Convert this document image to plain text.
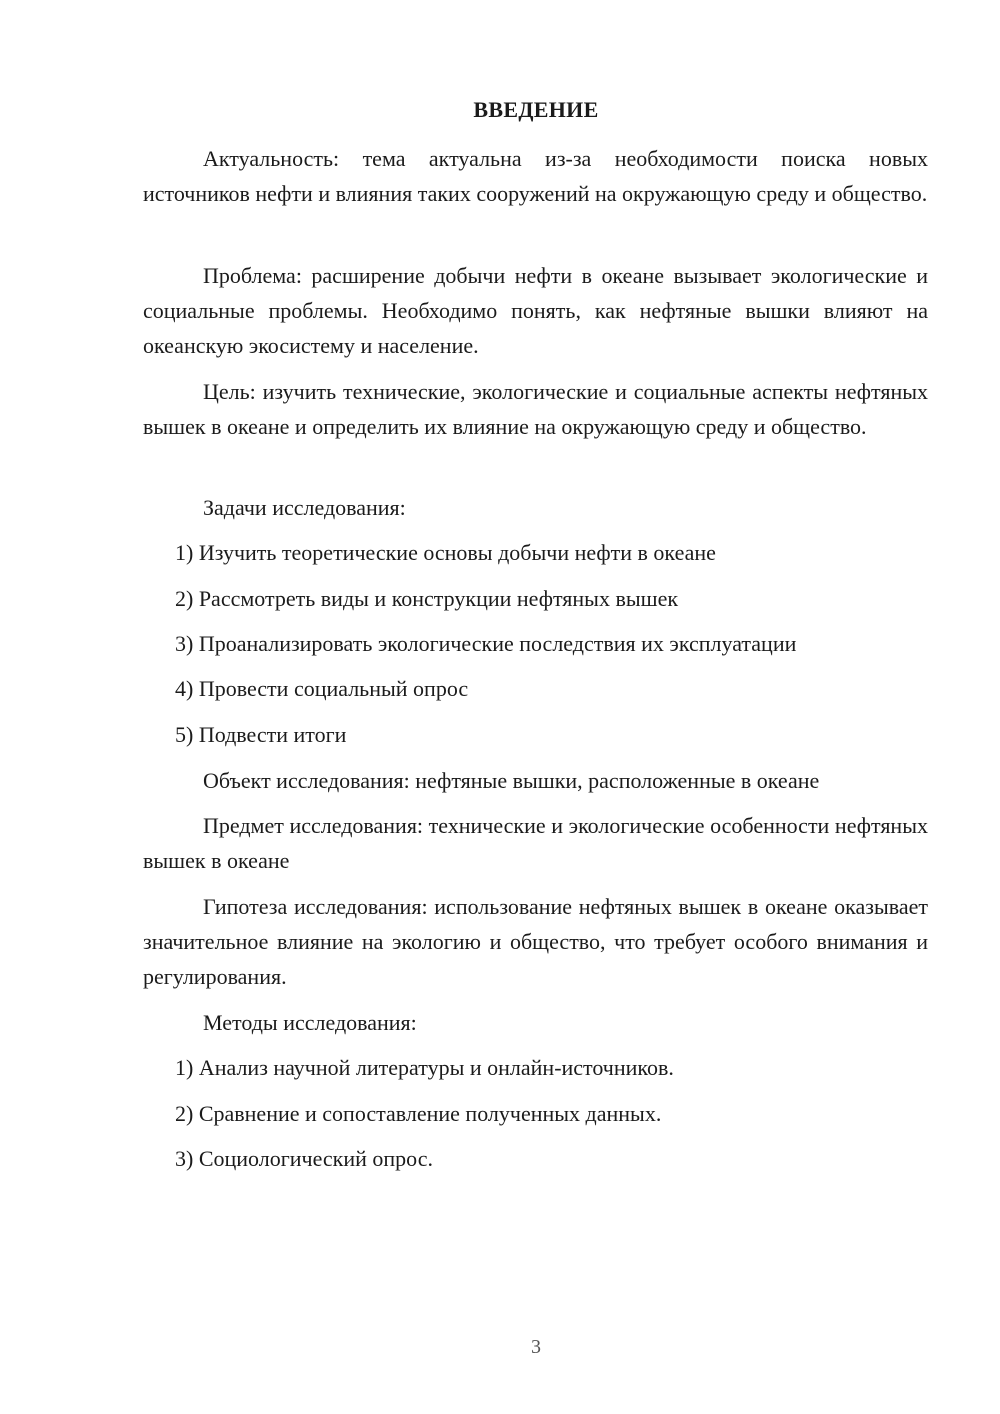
ВВЕДЕНИЕ

Актуальность: тема актуальна из-за необходимости поиска новых источников нефти и влияния таких сооружений на окружающую среду и общество.

Проблема: расширение добычи нефти в океане вызывает экологические и социальные проблемы. Необходимо понять, как нефтяные вышки влияют на океанскую экосистему и население.

Цель: изучить технические, экологические и социальные аспекты нефтяных вышек в океане и определить их влияние на окружающую среду и общество.

Задачи исследования:

1) Изучить теоретические основы добычи нефти в океане

2) Рассмотреть виды и конструкции нефтяных вышек

3) Проанализировать экологические последствия их эксплуатации

4) Провести социальный опрос

5) Подвести итоги

Объект исследования: нефтяные вышки, расположенные в океане

Предмет исследования: технические и экологические особенности нефтяных вышек в океане

Гипотеза исследования: использование нефтяных вышек в океане оказывает значительное влияние на экологию и общество, что требует особого внимания и регулирования.

Методы исследования:

1) Анализ научной литературы и онлайн-источников.

2) Сравнение и сопоставление полученных данных.

3) Социологический опрос.

3
